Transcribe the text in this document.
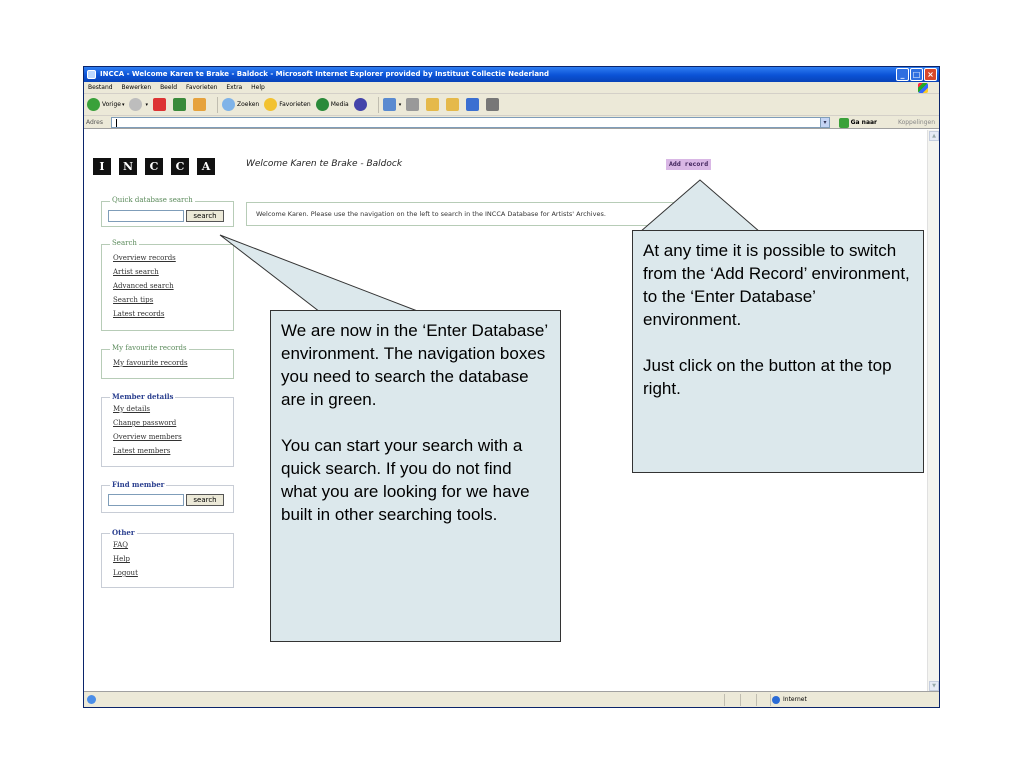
INCCA - Welcome Karen te Brake - Baldock - Microsoft Internet Explorer provided by Instituut Collectie Nederland	_	□ ×
Bestand Bewerken Beeld Favorieten Extra Help
Vorige ▾	▾	Zoeken	Favorieten	Media	▾
Adres	▾	Ga naar	Koppelingen
▲
▼
Internet
I	N	C	C	A	Welcome Karen te Brake - Baldock	Add record
Quick database search
search	Welcome Karen. Please use the navigation on the left to search in the INCCA Database for Artists' Archives.
Search
Overview records
Artist search
Advanced search
Search tips
Latest records
My favourite records
My favourite records
Member details
My details
Change password
Overview members
Latest members
Find member
search
Other
FAQ
Help
Logout

We are now in the ‘Enter Database’ environment. The navigation boxes you need to search the database are in green.

You can start your search with a quick search. If you do not find what you are looking for we have built in other searching tools.

At any time it is possible to switch from the ‘Add Record’ environment, to the ‘Enter Database’ environment.

Just click on the button at the top right.
